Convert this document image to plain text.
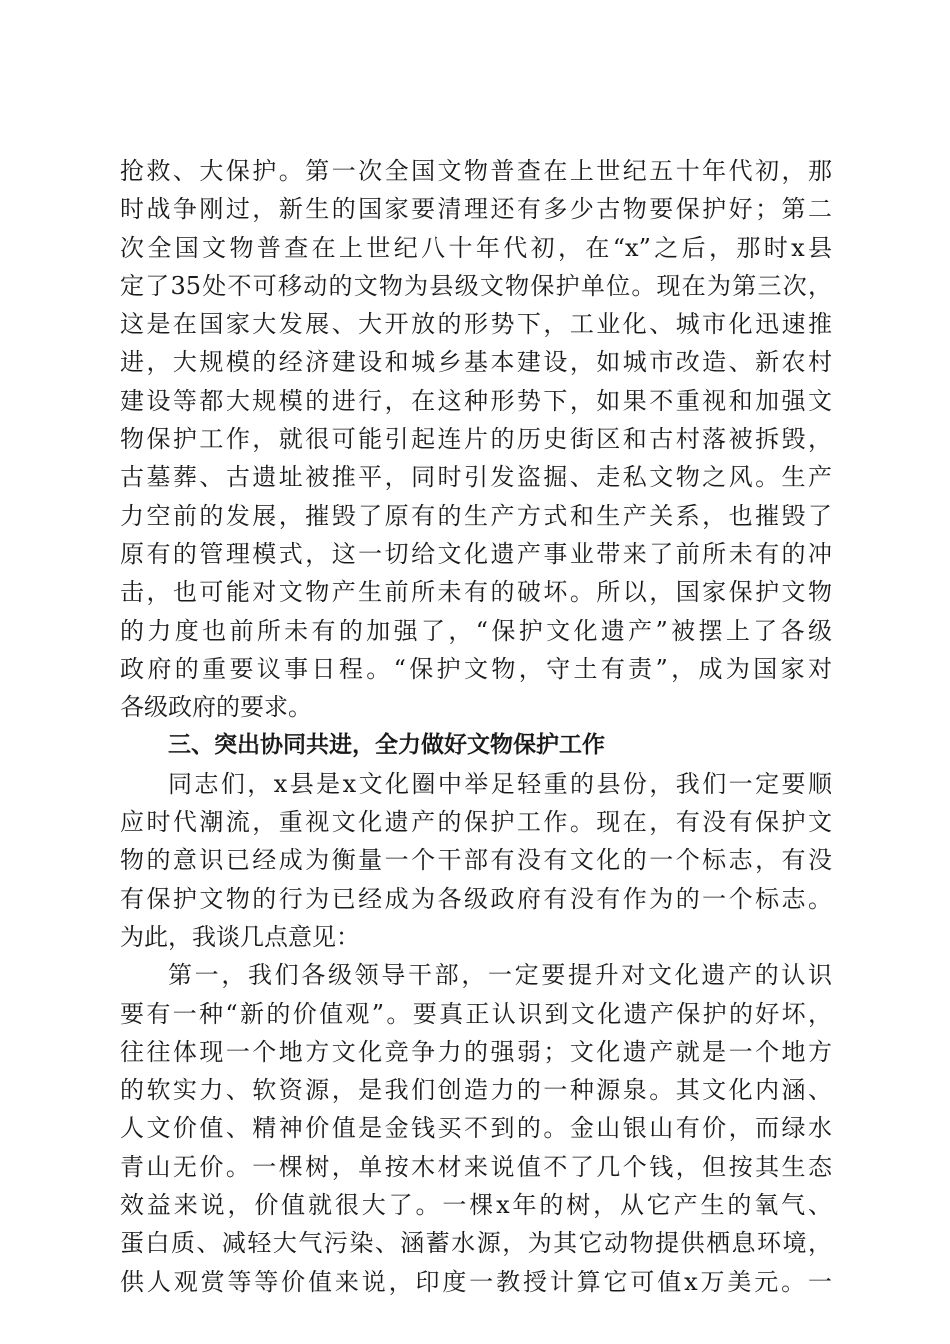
抢救、大保护。第一次全国文物普查在上世纪五十年代初，那
时战争刚过，新生的国家要清理还有多少古物要保护好；第二
次全国文物普查在上世纪八十年代初，在“x”之后，那时x县
定了35处不可移动的文物为县级文物保护单位。现在为第三次，
这是在国家大发展、大开放的形势下，工业化、城市化迅速推
进，大规模的经济建设和城乡基本建设，如城市改造、新农村
建设等都大规模的进行，在这种形势下，如果不重视和加强文
物保护工作，就很可能引起连片的历史街区和古村落被拆毁，
古墓葬、古遗址被推平，同时引发盗掘、走私文物之风。生产
力空前的发展，摧毁了原有的生产方式和生产关系，也摧毁了
原有的管理模式，这一切给文化遗产事业带来了前所未有的冲
击，也可能对文物产生前所未有的破坏。所以，国家保护文物
的力度也前所未有的加强了，“保护文化遗产”被摆上了各级
政府的重要议事日程。“保护文物，守土有责”，成为国家对
各级政府的要求。
三、突出协同共进，全力做好文物保护工作
同志们，x县是x文化圈中举足轻重的县份，我们一定要顺
应时代潮流，重视文化遗产的保护工作。现在，有没有保护文
物的意识已经成为衡量一个干部有没有文化的一个标志，有没
有保护文物的行为已经成为各级政府有没有作为的一个标志。
为此，我谈几点意见：
第一，我们各级领导干部，一定要提升对文化遗产的认识
要有一种“新的价值观”。要真正认识到文化遗产保护的好坏，
往往体现一个地方文化竞争力的强弱；文化遗产就是一个地方
的软实力、软资源，是我们创造力的一种源泉。其文化内涵、
人文价值、精神价值是金钱买不到的。金山银山有价，而绿水
青山无价。一棵树，单按木材来说值不了几个钱，但按其生态
效益来说，价值就很大了。一棵x年的树，从它产生的氧气、
蛋白质、减轻大气污染、涵蓄水源，为其它动物提供栖息环境，
供人观赏等等价值来说，印度一教授计算它可值x万美元。一
